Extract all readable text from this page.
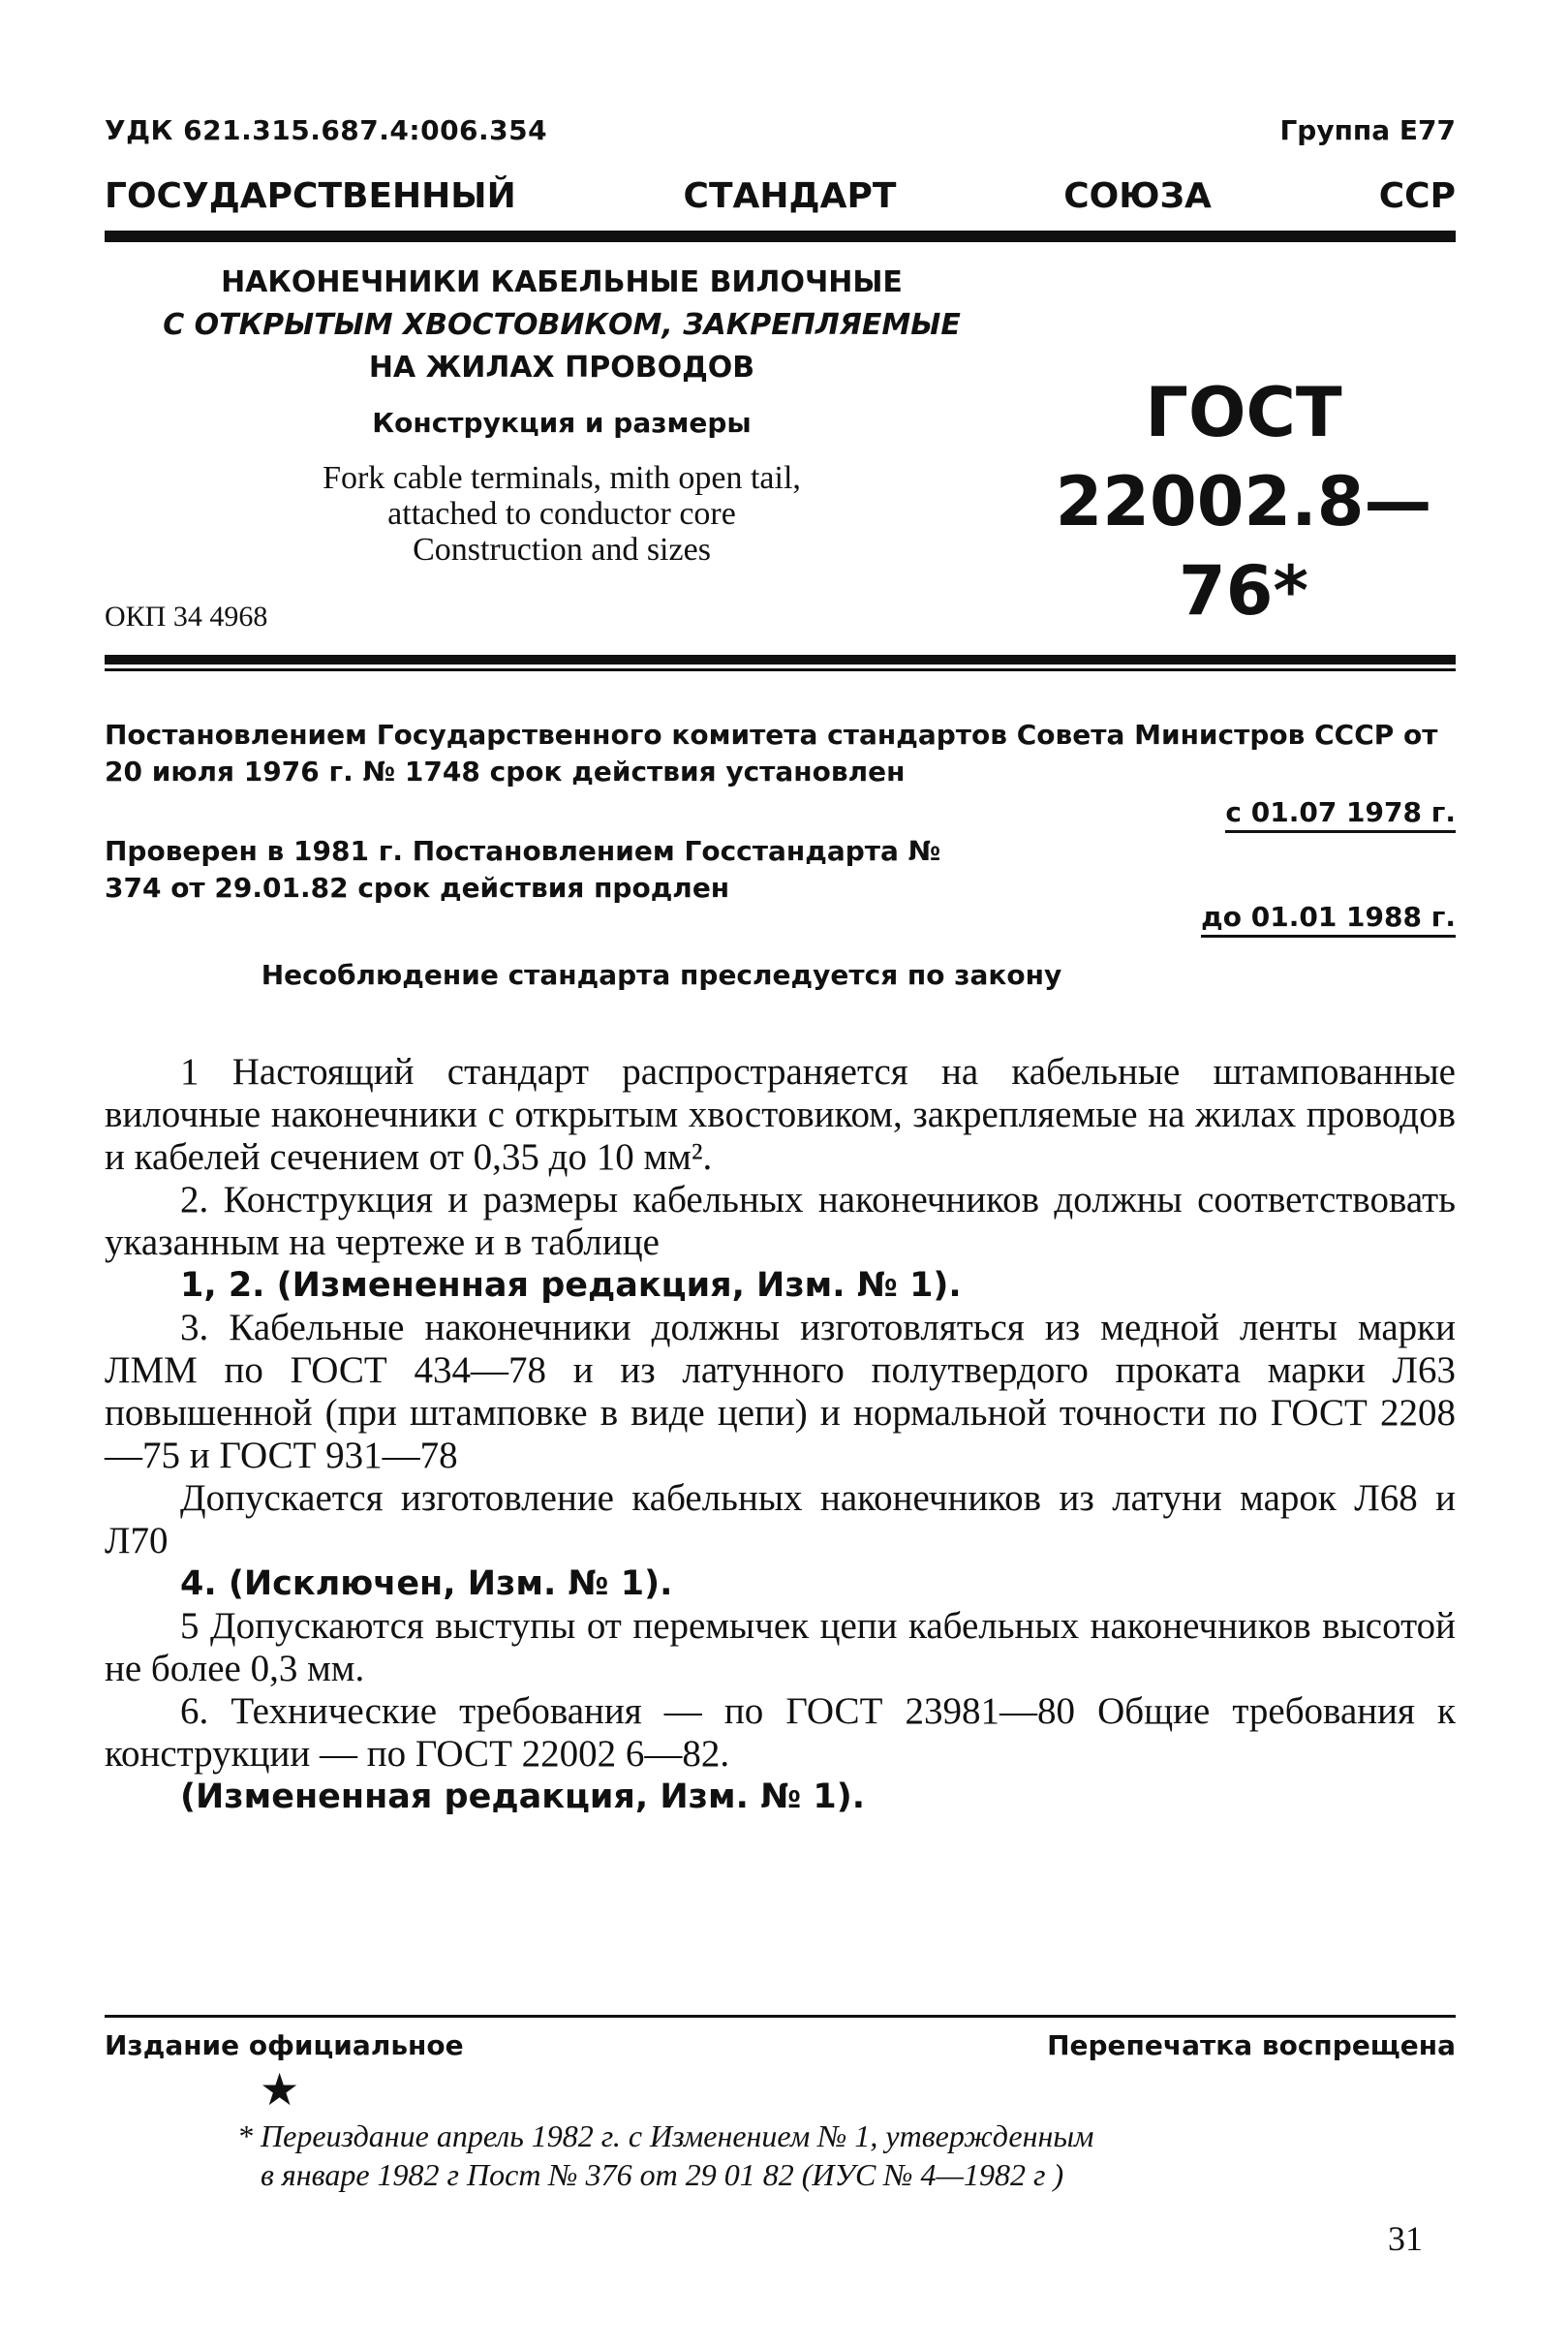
УДК 621.315.687.4:006.354	Группа Е77
ГОСУДАРСТВЕННЫЙ	СТАНДАРТ	СОЮЗА	ССР
НАКОНЕЧНИКИ КАБЕЛЬНЫЕ ВИЛОЧНЫЕ
С ОТКРЫТЫМ ХВОСТОВИКОМ, ЗАКРЕПЛЯЕМЫЕ
НА ЖИЛАХ ПРОВОДОВ
Конструкция и размеры
Fork cable terminals, mith open tail,
attached to conductor core
Construction and sizes
ГОСТ
22002.8—76*
ОКП 34 4968
Постановлением Государственного комитета стандартов Совета Министров СССР от 20 июля 1976 г. № 1748 срок действия установлен
с 01.07 1978 г.
Проверен в 1981 г. Постановлением Госстандарта № 374 от 29.01.82 срок действия продлен
до 01.01 1988 г.
Несоблюдение стандарта преследуется по закону

1 Настоящий стандарт распространяется на кабельные штампованные вилочные наконечники с открытым хвостовиком, закрепляемые на жилах проводов и кабелей сечением от 0,35 до 10 мм².

2. Конструкция и размеры кабельных наконечников должны соответствовать указанным на чертеже и в таблице

1, 2. (Измененная редакция, Изм. № 1).

3. Кабельные наконечники должны изготовляться из медной ленты марки ЛММ по ГОСТ 434—78 и из латунного полутвердого проката марки Л63 повышенной (при штамповке в виде цепи) и нормальной точности по ГОСТ 2208—75 и ГОСТ 931—78

Допускается изготовление кабельных наконечников из латуни марок Л68 и Л70

4. (Исключен, Изм. № 1).

5 Допускаются выступы от перемычек цепи кабельных наконечников высотой не более 0,3 мм.

6. Технические требования — по ГОСТ 23981—80 Общие требования к конструкции — по ГОСТ 22002 6—82.

(Измененная редакция, Изм. № 1).

Издание официальное	Перепечатка воспрещена
★
* Переиздание апрель 1982 г. с Изменением № 1, утвержденным
в январе 1982 г Пост № 376 от 29 01 82 (ИУС № 4—1982 г )
31
